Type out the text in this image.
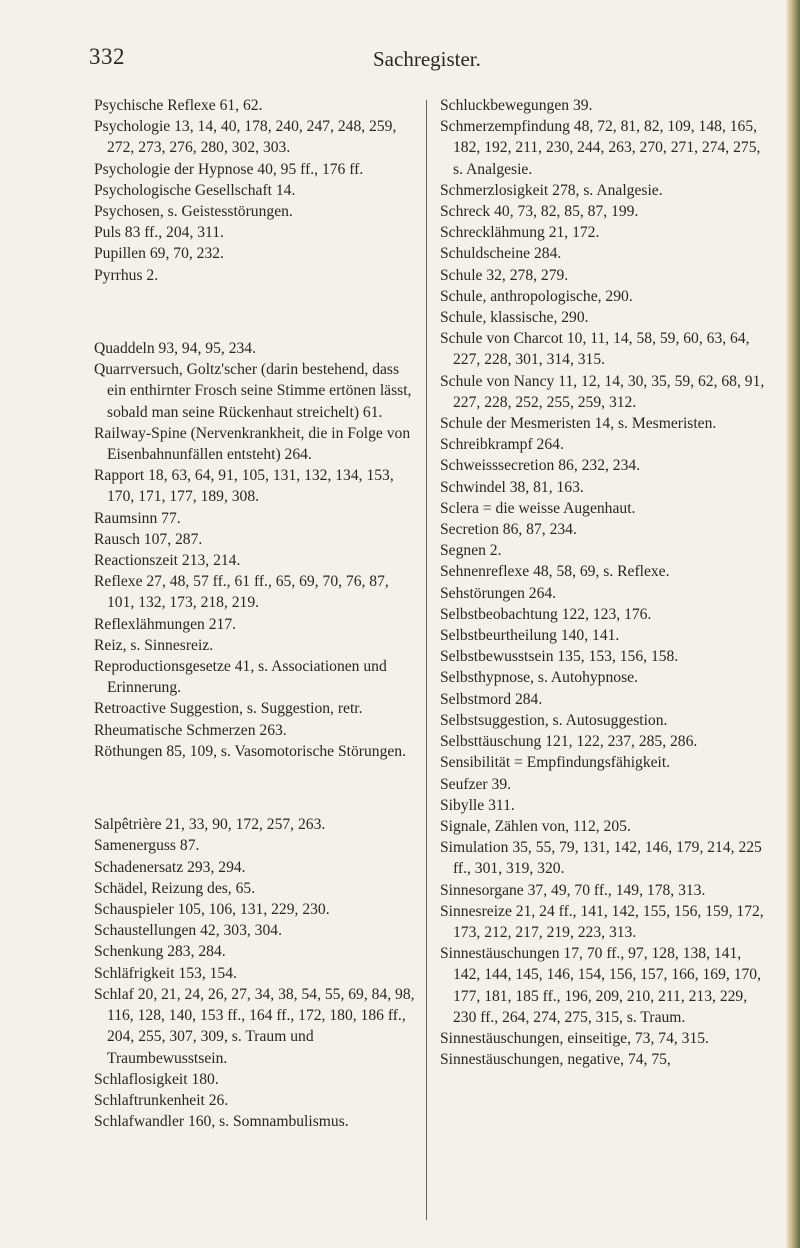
332	Sachregister.

Psychische Reflexe 61, 62.

Psychologie 13, 14, 40, 178, 240, 247, 248, 259, 272, 273, 276, 280, 302, 303.

Psychologie der Hypnose 40, 95 ff., 176 ff.

Psychologische Gesellschaft 14.

Psychosen, s. Geistesstörungen.

Puls 83 ff., 204, 311.

Pupillen 69, 70, 232.

Pyrrhus 2.

Quaddeln 93, 94, 95, 234.

Quarrversuch, Goltz'scher (darin bestehend, dass ein enthirnter Frosch seine Stimme ertönen lässt, sobald man seine Rückenhaut streichelt) 61.

Railway-Spine (Nervenkrankheit, die in Folge von Eisenbahnunfällen entsteht) 264.

Rapport 18, 63, 64, 91, 105, 131, 132, 134, 153, 170, 171, 177, 189, 308.

Raumsinn 77.

Rausch 107, 287.

Reactionszeit 213, 214.

Reflexe 27, 48, 57 ff., 61 ff., 65, 69, 70, 76, 87, 101, 132, 173, 218, 219.

Reflexlähmungen 217.

Reiz, s. Sinnesreiz.

Reproductionsgesetze 41, s. Associationen und Erinnerung.

Retroactive Suggestion, s. Suggestion, retr.

Rheumatische Schmerzen 263.

Röthungen 85, 109, s. Vasomotorische Störungen.

Salpêtrière 21, 33, 90, 172, 257, 263.

Samenerguss 87.

Schadenersatz 293, 294.

Schädel, Reizung des, 65.

Schauspieler 105, 106, 131, 229, 230.

Schaustellungen 42, 303, 304.

Schenkung 283, 284.

Schläfrigkeit 153, 154.

Schlaf 20, 21, 24, 26, 27, 34, 38, 54, 55, 69, 84, 98, 116, 128, 140, 153 ff., 164 ff., 172, 180, 186 ff., 204, 255, 307, 309, s. Traum und Traumbewusstsein.

Schlaflosigkeit 180.

Schlaftrunkenheit 26.

Schlafwandler 160, s. Somnambulismus.

Schluckbewegungen 39.

Schmerzempfindung 48, 72, 81, 82, 109, 148, 165, 182, 192, 211, 230, 244, 263, 270, 271, 274, 275, s. Analgesie.

Schmerzlosigkeit 278, s. Analgesie.

Schreck 40, 73, 82, 85, 87, 199.

Schrecklähmung 21, 172.

Schuldscheine 284.

Schule 32, 278, 279.

Schule, anthropologische, 290.

Schule, klassische, 290.

Schule von Charcot 10, 11, 14, 58, 59, 60, 63, 64, 227, 228, 301, 314, 315.

Schule von Nancy 11, 12, 14, 30, 35, 59, 62, 68, 91, 227, 228, 252, 255, 259, 312.

Schule der Mesmeristen 14, s. Mesmeristen.

Schreibkrampf 264.

Schweisssecretion 86, 232, 234.

Schwindel 38, 81, 163.

Sclera = die weisse Augenhaut.

Secretion 86, 87, 234.

Segnen 2.

Sehnenreflexe 48, 58, 69, s. Reflexe.

Sehstörungen 264.

Selbstbeobachtung 122, 123, 176.

Selbstbeurtheilung 140, 141.

Selbstbewusstsein 135, 153, 156, 158.

Selbsthypnose, s. Autohypnose.

Selbstmord 284.

Selbstsuggestion, s. Autosuggestion.

Selbsttäuschung 121, 122, 237, 285, 286.

Sensibilität = Empfindungsfähigkeit.

Seufzer 39.

Sibylle 311.

Signale, Zählen von, 112, 205.

Simulation 35, 55, 79, 131, 142, 146, 179, 214, 225 ff., 301, 319, 320.

Sinnesorgane 37, 49, 70 ff., 149, 178, 313.

Sinnesreize 21, 24 ff., 141, 142, 155, 156, 159, 172, 173, 212, 217, 219, 223, 313.

Sinnestäuschungen 17, 70 ff., 97, 128, 138, 141, 142, 144, 145, 146, 154, 156, 157, 166, 169, 170, 177, 181, 185 ff., 196, 209, 210, 211, 213, 229, 230 ff., 264, 274, 275, 315, s. Traum.

Sinnestäuschungen, einseitige, 73, 74, 315.

Sinnestäuschungen, negative, 74, 75,
